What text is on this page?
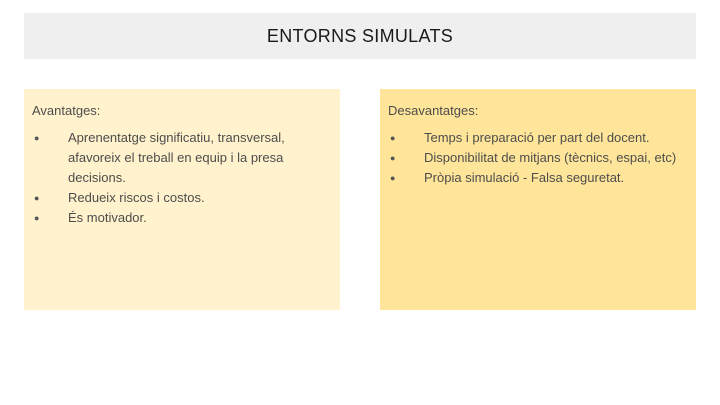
ENTORNS SIMULATS
Avantatges:
●	Aprenentatge significatiu, transversal, afavoreix el treball en equip i la presa decisions.
●	Redueix riscos i costos.
●	És motivador.
Desavantatges:
●	Temps i preparació per part del docent.
●	Disponibilitat de mitjans (tècnics, espai, etc)
●	Pròpia simulació - Falsa seguretat.
